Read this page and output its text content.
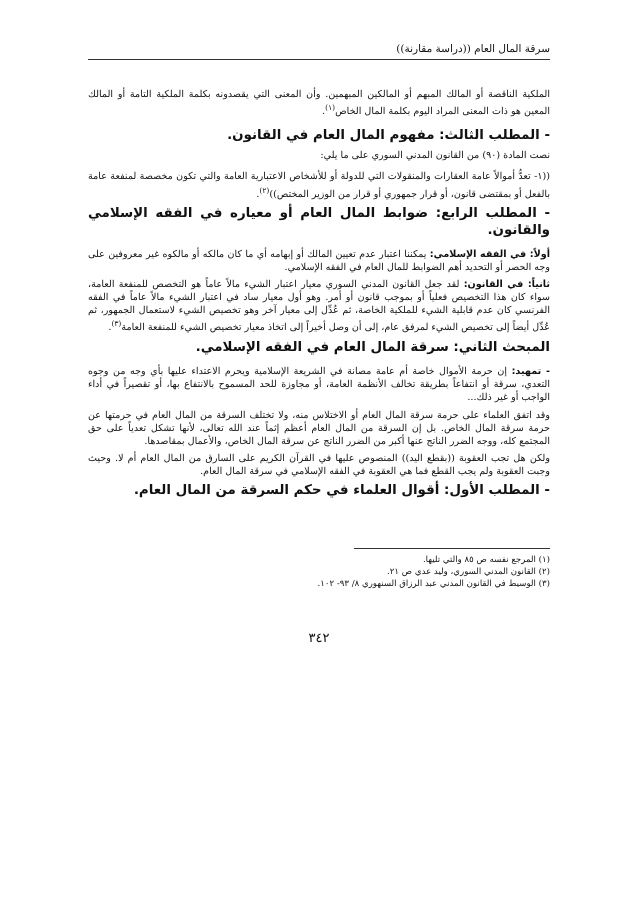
سرقة المال العام ((دراسة مقارنة))

الملكية الناقصة أو المالك المبهم أو المالكين المبهمين. وأن المعنى التي يقصدونه بكلمة الملكية التامة أو المالك المعين هو ذات المعنى المراد اليوم بكلمة المال الخاص$^{(١)}$.

- المطلب الثالث: مفهوم المال العام في القانون.

نصت المادة (٩٠) من القانون المدني السوري على ما يلي:

((١- تعدُّ أموالاً عامة العقارات والمنقولات التي للدولة أو للأشخاص الاعتبارية العامة والتي تكون مخصصة لمنفعة عامة بالفعل أو بمقتضى قانون، أو قرار جمهوري أو قرار من الوزير المختص))$^{(٢)}$.

- المطلب الرابع: ضوابط المال العام أو معياره في الفقه الإسلامي والقانون.

أولاً: في الفقه الإسلامي: يمكننا اعتبار عدم تعيين المالك أو إبهامه أي ما كان مالكه أو مالكوه غير معروفين على وجه الحصر أو التحديد أهم الضوابط للمال العام في الفقه الإسلامي.

ثانياً: في القانون: لقد جعل القانون المدني السوري معيار اعتبار الشيء مالاً عاماً هو التخصص للمنفعة العامة، سواء كان هذا التخصيص فعلياً أو بموجب قانون أو أمر. وهو أول معيار ساد في اعتبار الشيء مالاً عاماً في الفقه الفرنسي كان عدم قابلية الشيء للملكية الخاصة، ثم عُدِّل إلى معيار آخر وهو تخصيص الشيء لاستعمال الجمهور، ثم عُدِّل أيضاً إلى تخصيص الشيء لمرفق عام، إلى أن وصل أخيراً إلى اتخاذ معيار تخصيص الشيء للمنفعة العامة$^{(٣)}$.

المبحث الثاني: سرقة المال العام في الفقه الإسلامي.

- تمهيد: إن حرمة الأموال خاصة أم عامة مصانة في الشريعة الإسلامية ويحرم الاعتداء عليها بأي وجه من وجوه التعدي، سرقة أو انتفاعاً بطريقة تخالف الأنظمة العامة، أو مجاوزة للحد المسموح بالانتفاع بها، أو تقصيراً في أداء الواجب أو غير ذلك...

وقد اتفق العلماء على حرمة سرقة المال العام أو الاختلاس منه، ولا تختلف السرقة من المال العام في حرمتها عن حرمة سرقة المال الخاص. بل إن السرقة من المال العام أعظم إثماً عند الله تعالى، لأنها تشكل تعدياً على حق المجتمع كله، ووجه الضرر الناتج عنها أكبر من الضرر الناتج عن سرقة المال الخاص، والأعمال بمقاصدها.

ولكن هل تجب العقوبة ((بقطع اليد)) المنصوص عليها في القرآن الكريم على السارق من المال العام أم لا. وحيث وجبت العقوبة ولم يجب القطع فما هي العقوبة في الفقه الإسلامي في سرقة المال العام.

- المطلب الأول: أقوال العلماء في حكم السرقة من المال العام.

(١) المرجع نفسه ص ٨٥ والتي تليها.
(٢) القانون المدني السوري، وليد عدي ص ٢١.
(٣) الوسيط في القانون المدني عبد الرزاق السنهوري ٨/ ٩٣- ١٠٢.
٣٤٢
